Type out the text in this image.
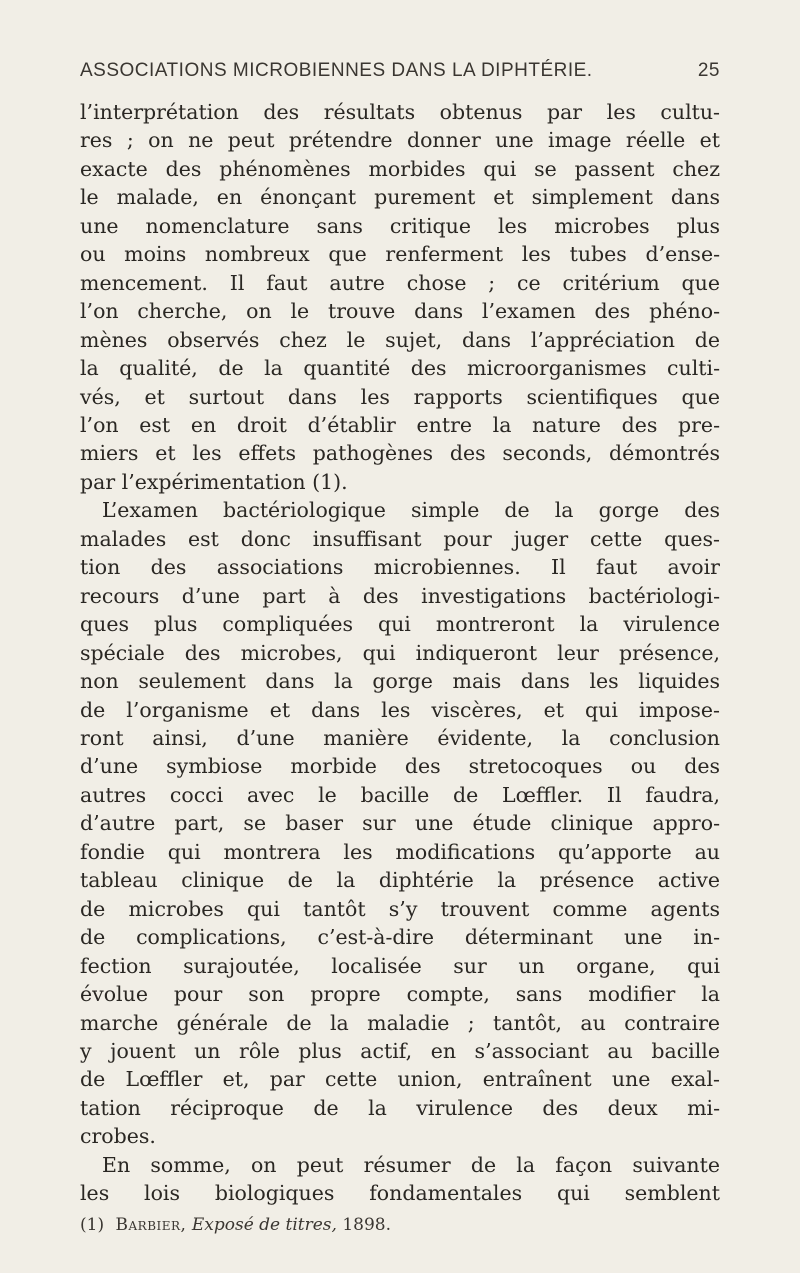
ASSOCIATIONS MICROBIENNES DANS LA DIPHTÉRIE.	25

l’interprétation des résultats obtenus par les cultu-
res ; on ne peut prétendre donner une image réelle et
exacte des phénomènes morbides qui se passent chez
le malade, en énonçant purement et simplement dans
une nomenclature sans critique les microbes plus
ou moins nombreux que renferment les tubes d’ense-
mencement. Il faut autre chose ; ce critérium que
l’on cherche, on le trouve dans l’examen des phéno-
mènes observés chez le sujet, dans l’appréciation de
la qualité, de la quantité des microorganismes culti-
vés, et surtout dans les rapports scientifiques que
l’on est en droit d’établir entre la nature des pre-
miers et les effets pathogènes des seconds, démontrés
par l’expérimentation (1).

L’examen bactériologique simple de la gorge des
malades est donc insuffisant pour juger cette ques-
tion des associations microbiennes. Il faut avoir
recours d’une part à des investigations bactériologi-
ques plus compliquées qui montreront la virulence
spéciale des microbes, qui indiqueront leur présence,
non seulement dans la gorge mais dans les liquides
de l’organisme et dans les viscères, et qui impose-
ront ainsi, d’une manière évidente, la conclusion
d’une symbiose morbide des stretocoques ou des
autres cocci avec le bacille de Lœffler. Il faudra,
d’autre part, se baser sur une étude clinique appro-
fondie qui montrera les modifications qu’apporte au
tableau clinique de la diphtérie la présence active
de microbes qui tantôt s’y trouvent comme agents
de complications, c’est-à-dire déterminant une in-
fection surajoutée, localisée sur un organe, qui
évolue pour son propre compte, sans modifier la
marche générale de la maladie ; tantôt, au contraire
y jouent un rôle plus actif, en s’associant au bacille
de Lœffler et, par cette union, entraînent une exal-
tation réciproque de la virulence des deux mi-
crobes.

En somme, on peut résumer de la façon suivante
les lois biologiques fondamentales qui semblent

(1) Barbier, Exposé de titres, 1898.
